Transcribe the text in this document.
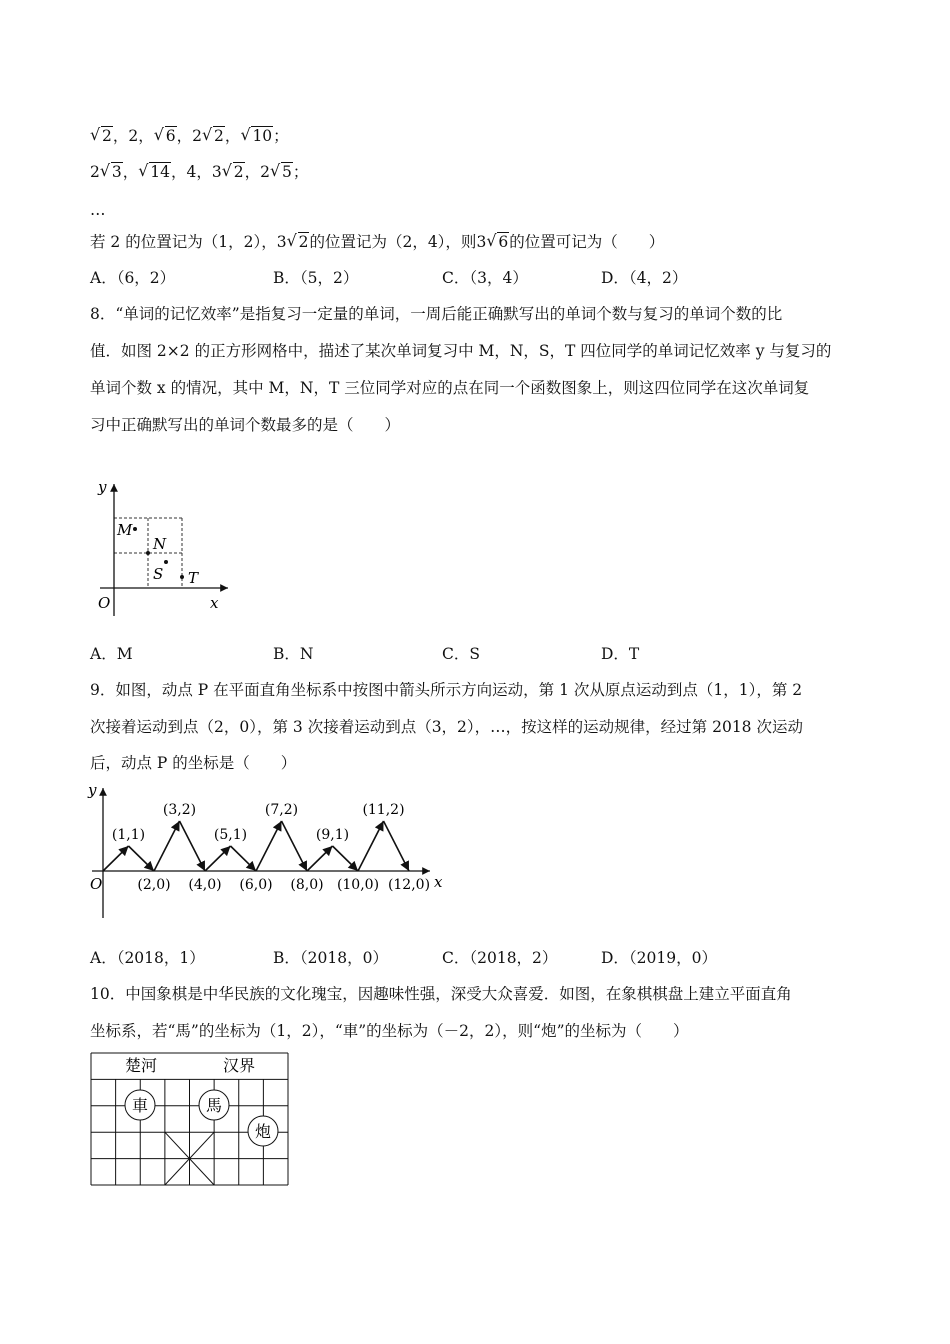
√ 2，2， √ 6，2 √ 2， √ 10；
2 √ 3， √ 14，4，3 √ 2，2 √ 5；
…
若 2 的位置记为（1，2），3 √ 2的位置记为（2，4），则3 √ 6的位置可记为（　　）
A．（6，2）	B．（5，2）	C．（3，4）	D．（4，2）
8．“单词的记忆效率”是指复习一定量的单词，一周后能正确默写出的单词个数与复习的单词个数的比
值．如图 2×2 的正方形网格中，描述了某次单词复习中 M，N，S，T 四位同学的单词记忆效率 y 与复习的
单词个数 x 的情况，其中 M，N，T 三位同学对应的点在同一个函数图象上，则这四位同学在这次单词复
习中正确默写出的单词个数最多的是（　　）
y
x
O
M
N
S T
A．M	B．N	C．S	D．T
9．如图，动点 P 在平面直角坐标系中按图中箭头所示方向运动，第 1 次从原点运动到点（1，1），第 2
次接着运动到点（2，0），第 3 次接着运动到点（3，2），…，按这样的运动规律，经过第 2018 次运动
后，动点 P 的坐标是（　　）
y
x
O
(1,1)
(3,2)
(5,1)
(7,2)
(9,1)
(11,2)
(2,0) (4,0) (6,0) (8,0) (10,0) (12,0)
A．（2018，1）	B．（2018，0）	C．（2018，2）	D．（2019，0）
10．中国象棋是中华民族的文化瑰宝，因趣味性强，深受大众喜爱．如图，在象棋棋盘上建立平面直角
坐标系，若“馬”的坐标为（1，2），“車”的坐标为（－2，2），则“炮”的坐标为（　　）
楚河	汉界
車	馬
炮
